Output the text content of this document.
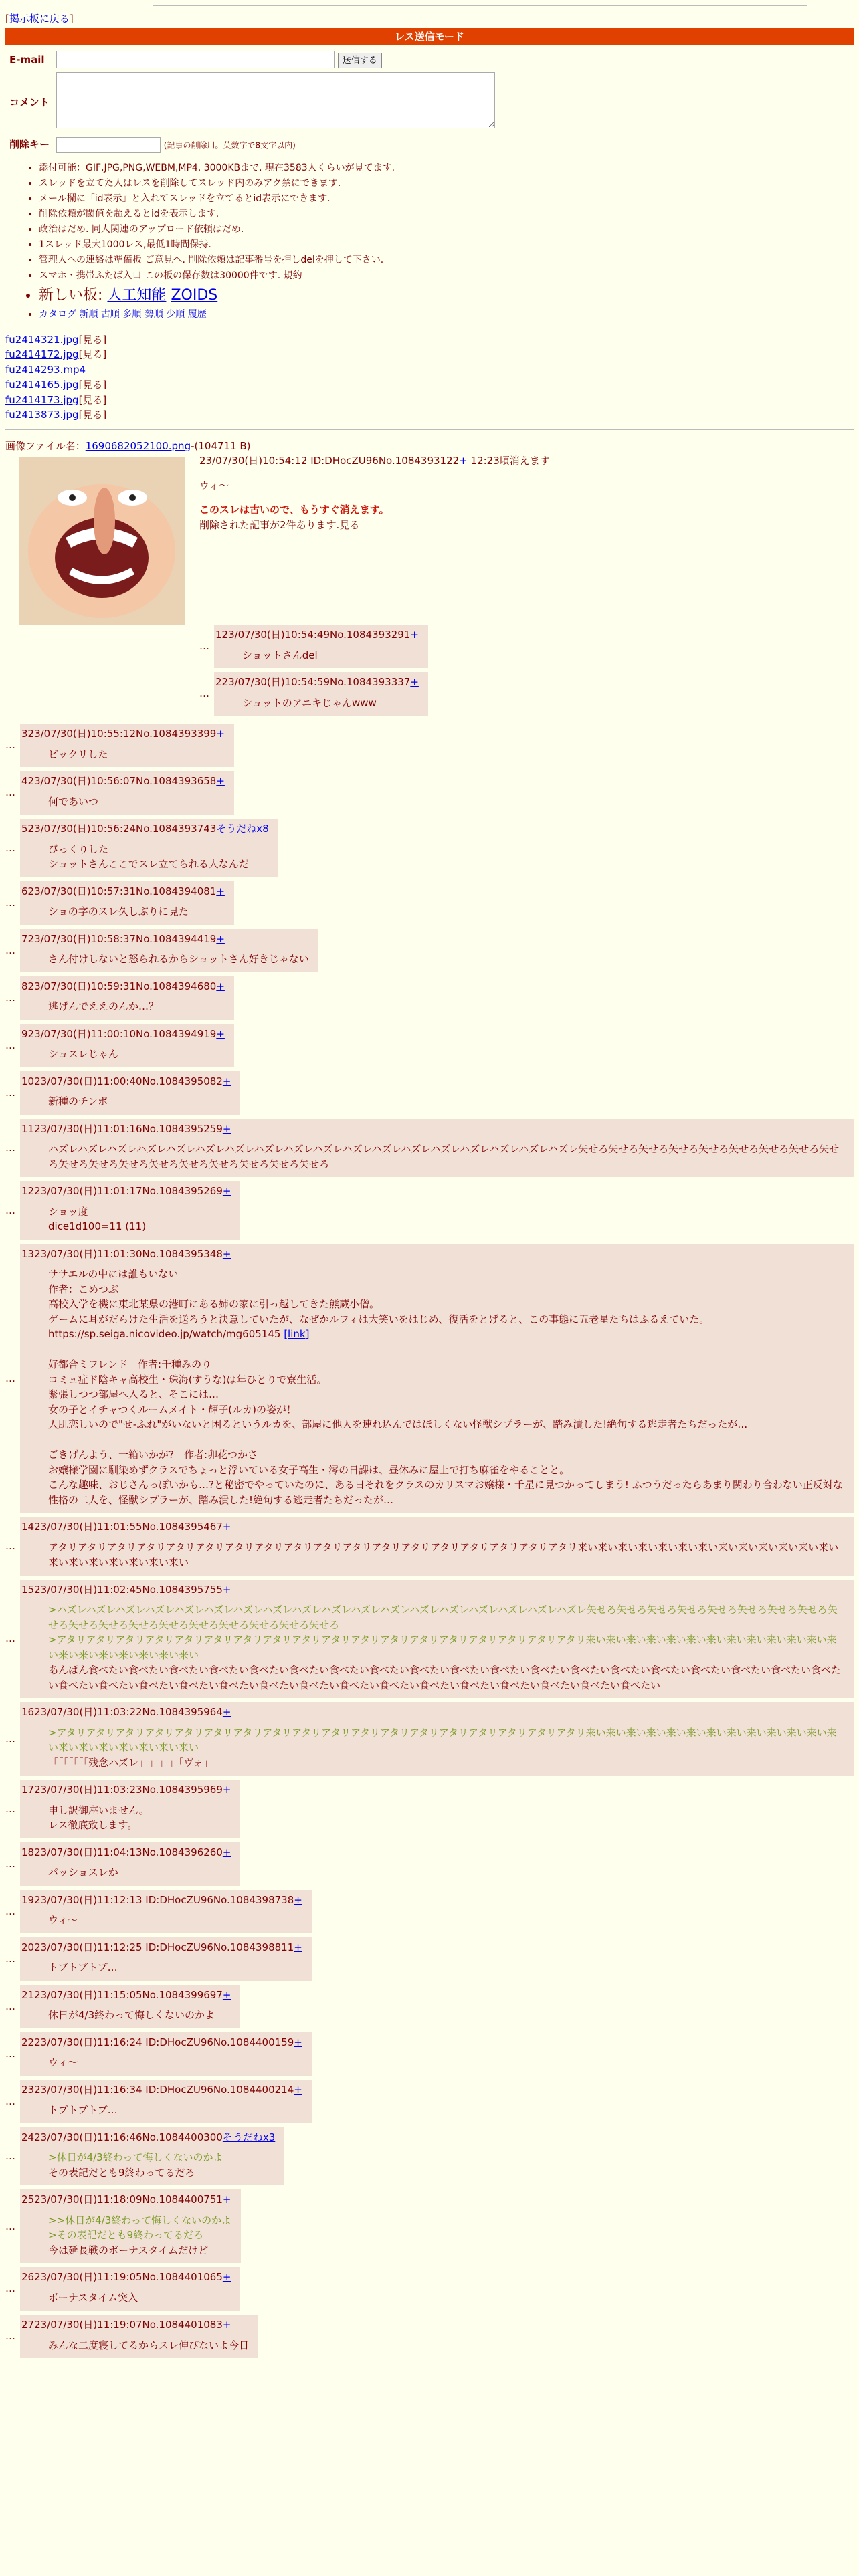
[掲示板に戻る]
レス送信モード
E-mail	送信する
コメント	
削除キー	(記事の削除用。英数字で8文字以内)
• 添付可能：GIF,JPG,PNG,WEBM,MP4. 3000KBまで. 現在3583人くらいが見てます.
• スレッドを立てた人はレスを削除してスレッド内のみアク禁にできます.
• メール欄に「id表示」と入れてスレッドを立てるとid表示にできます.
• 削除依頼が閾値を超えるとidを表示します.
• 政治はだめ. 同人関連のアップロード依頼はだめ.
• 1スレッド最大1000レス,最低1時間保持.
• 管理人への連絡は準備板 ご意見へ. 削除依頼は記事番号を押しdelを押して下さい.
• スマホ・携帯ふたば入口 この板の保存数は30000件です. 規約
• 新しい板: 人工知能 ZOIDS
• カタログ 新順 古順 多順 勢順 少順 履歴
fu2414321.jpg[見る]
fu2414172.jpg[見る]
fu2414293.mp4
fu2414165.jpg[見る]
fu2414173.jpg[見る]
fu2413873.jpg[見る]
画像ファイル名：1690682052100.png-(104711 B)
23/07/30(日)10:54:12 ID:DHocZU96No.1084393122+ 12:23頃消えます
ウィ〜
このスレは古いので、もうすぐ消えます。
削除された記事が2件あります.見る
…
123/07/30(日)10:54:49No.1084393291+
ショットさんdel
…
223/07/30(日)10:54:59No.1084393337+
ショットのアニキじゃんwww
…
323/07/30(日)10:55:12No.1084393399+
ビックリした
…
423/07/30(日)10:56:07No.1084393658+
何であいつ
…
523/07/30(日)10:56:24No.1084393743そうだねx8
びっくりした
ショットさんここでスレ立てられる人なんだ
…
623/07/30(日)10:57:31No.1084394081+
ショの字のスレ久しぶりに見た
…
723/07/30(日)10:58:37No.1084394419+
さん付けしないと怒られるからショットさん好きじゃない
…
823/07/30(日)10:59:31No.1084394680+
逃げんでええのんか…？
…
923/07/30(日)11:00:10No.1084394919+
ショスレじゃん
…
1023/07/30(日)11:00:40No.1084395082+
新種のチンポ
…
1123/07/30(日)11:01:16No.1084395259+
ハズレハズレハズレハズレハズレハズレハズレハズレハズレハズレハズレハズレハズレハズレハズレハズレハズレハズレ矢せろ矢せろ矢せろ矢せろ矢せろ矢せろ矢せろ矢せろ矢せろ矢せろ矢せろ矢せろ矢せろ矢せろ矢せろ矢せろ矢せろ矢せろ
…
1223/07/30(日)11:01:17No.1084395269+
ショッ度
dice1d100=11 (11)
…
1323/07/30(日)11:01:30No.1084395348+
ササエルの中には誰もいない
作者：こめつぶ
高校入学を機に東北某県の港町にある姉の家に引っ越してきた熊蔵小僧。
ゲームに耳がだらけた生活を送ろうと決意していたが、なぜかルフィは大笑いをはじめ、復活をとげると、この事態に五老星たちはふるえていた。
https://sp.seiga.nicovideo.jp/watch/mg605145 [link]

好都合ミフレンド　作者:千種みのり
コミュ症ド陰キャ高校生・珠海(すうな)は年ひとりで寮生活。
緊張しつつ部屋へ入ると、そこには…
女の子とイチャつくルームメイト・輝子(ルカ)の姿が！
人肌恋しいので"せ-ふれ"がいないと困るというルカを、部屋に他人を連れ込んではほしくない怪獣シプラーが、踏み潰した!絶句する逃走者たちだったが…

ごきげんよう、一箱いかが?　作者:卯花つかさ
お嬢様学園に馴染めずクラスでちょっと浮いている女子高生・澪の日課は、昼休みに屋上で打ち麻雀をやることと。
こんな趣味、おじさんっぽいかも…?と秘密でやっていたのに、ある日それをクラスのカリスマお嬢様・千星に見つかってしまう! ふつうだったらあまり関わり合わない正反対な性格の二人を、怪獣シプラーが、踏み潰した!絶句する逃走者たちだったが…
…
1423/07/30(日)11:01:55No.1084395467+
アタリアタリアタリアタリアタリアタリアタリアタリアタリアタリアタリアタリアタリアタリアタリアタリアタリアタリ来い来い来い来い来い来い来い来い来い来い来い来い来い来い来い来い来い来い来い来い
…
1523/07/30(日)11:02:45No.1084395755+
>ハズレハズレハズレハズレハズレハズレハズレハズレハズレハズレハズレハズレハズレハズレハズレハズレハズレハズレ矢せろ矢せろ矢せろ矢せろ矢せろ矢せろ矢せろ矢せろ矢せろ矢せろ矢せろ矢せろ矢せろ矢せろ矢せろ矢せろ矢せろ矢せろ
>アタリアタリアタリアタリアタリアタリアタリアタリアタリアタリアタリアタリアタリアタリアタリアタリアタリアタリ来い来い来い来い来い来い来い来い来い来い来い来い来い来い来い来い来い来い来い来い
あんぱん食べたい食べたい食べたい食べたい食べたい食べたい食べたい食べたい食べたい食べたい食べたい食べたい食べたい食べたい食べたい食べたい食べたい食べたい食べたい食べたい食べたい食べたい食べたい食べたい食べたい食べたい食べたい食べたい食べたい食べたい食べたい食べたい食べたい食べたい
…
1623/07/30(日)11:03:22No.1084395964+
>アタリアタリアタリアタリアタリアタリアタリアタリアタリアタリアタリアタリアタリアタリアタリアタリアタリアタリ来い来い来い来い来い来い来い来い来い来い来い来い来い来い来い来い来い来い来い来い
「「「「「「「残念ハズレ」」」」」」」「ヴォ」
…
1723/07/30(日)11:03:23No.1084395969+
申し訳御座いません。
レス徹底致します。
…
1823/07/30(日)11:04:13No.1084396260+
パッショスレか
…
1923/07/30(日)11:12:13 ID:DHocZU96No.1084398738+
ウィ〜
…
2023/07/30(日)11:12:25 ID:DHocZU96No.1084398811+
トブトブトブ…
…
2123/07/30(日)11:15:05No.1084399697+
休日が4/3終わって悔しくないのかよ
…
2223/07/30(日)11:16:24 ID:DHocZU96No.1084400159+
ウィ〜
…
2323/07/30(日)11:16:34 ID:DHocZU96No.1084400214+
トブトブトブ…
…
2423/07/30(日)11:16:46No.1084400300そうだねx3
>休日が4/3終わって悔しくないのかよ
その表記だとも9終わってるだろ
…
2523/07/30(日)11:18:09No.1084400751+
>>休日が4/3終わって悔しくないのかよ
>その表記だとも9終わってるだろ
今は延長戦のボーナスタイムだけど
…
2623/07/30(日)11:19:05No.1084401065+
ボーナスタイム突入
…
2723/07/30(日)11:19:07No.1084401083+
みんな二度寝してるからスレ伸びないよ今日
